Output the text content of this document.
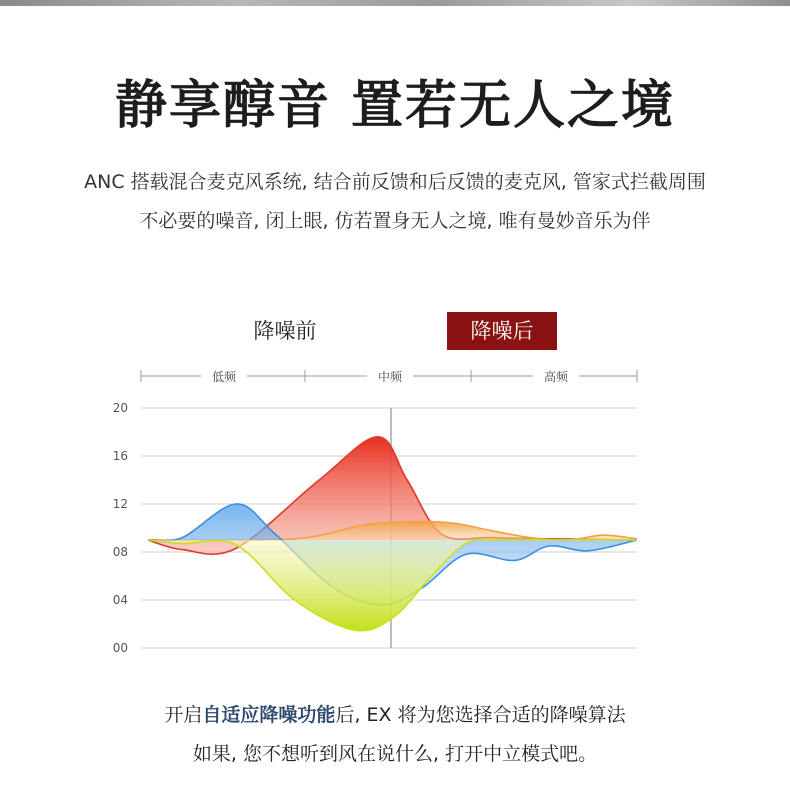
静享醇音 置若无人之境
ANC 搭载混合麦克风系统, 结合前反馈和后反馈的麦克风, 管家式拦截周围
不必要的噪音, 闭上眼, 仿若置身无人之境, 唯有曼妙音乐为伴
降噪前	降噪后
低频	中频	高频
20
16
12
08
04
00
开启自适应降噪功能后, EX 将为您选择合适的降噪算法
如果, 您不想听到风在说什么, 打开中立模式吧。
